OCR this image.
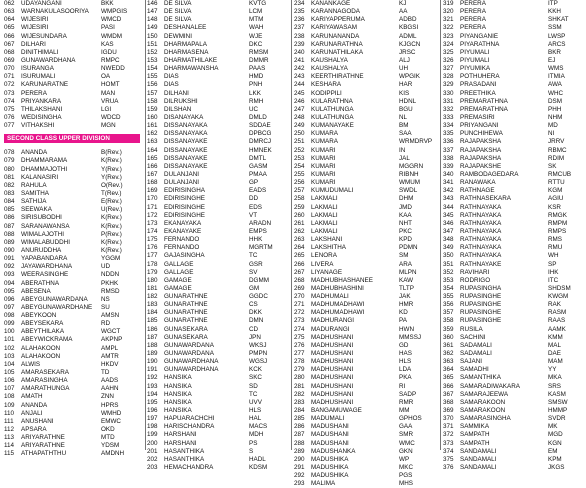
062	UDAYANGANI	BKK
063	WARNAKULASOORIYA	WMPGIS
064	WIJESIRI	WMCD
065	WIJESIRI	PASI
066	WIJESUNDARA	WMDM
067	DILHARI	KAS
068	DINITHIMALI	IGDU
069	GUNAWARDHANA	RMPC
070	ISURANGA	NWEDD
071	ISURUMALI	OA
072	KARUNARATNE	HOMT
073	PERERA	MAN
074	PRIYANKARA	VRUA
075	THILAKSHANI	LGI
076	WEDISINGHA	WDCD
077	VITHAKSHI	MGN
SECOND CLASS UPPER DIVISION
078	ANANDA	B(Rev.)
079	DHAMMARAMA	K(Rev.)
080	DHAMMAJOTHI	Y(Rev.)
081	KALANASIRI	Y(Rev.)
082	RAHULA	O(Rev.)
083	SAMITHA	T(Rev.)
084	SATHIJA	E(Rev.)
085	SEEWAKA	U(Rev.)
086	SIRISUBODHI	K(Rev.)
087	SARANAWANSA	K(Rev.)
088	WIMALAJOTHI	P(Rev.)
089	WIMALABUDDHI	K(Rev.)
090	ANURUDDHA	K(Rev.)
091	YAPABANDARA	YGGM
092	JAYAWARDHANA	UD
093	WEERASINGHE	NDDN
094	ABERATHNA	PKHK
095	ABESENA	RMSD
096	ABEYGUNAWARDANA	NS
097	ABEYGUNAWARDHANE	SU
098	ABEYKOON	AMSN
099	ABEYSEKARA	RD
100	ABEYTHILAKA	WGCT
101	ABEYWICKRAMA	AKPNP
102	ALAHAKOON	AMPL
103	ALAHAKOON	AMTR
104	ALWIS	HKDV
105	AMARASEKARA	TD
106	AMARASINGHA	AADS
107	AMARATHUNGA	AAHN
108	AMATH	ZNN
109	ANANDA	HPRS
110	ANJALI	WMHD
111	ANUSHANI	EMWC
112	APSARA	OKD
113	ARIYARATHNE	MTD
114	ARIYARATHNE	YDSM
115	ATHAPATHTHU	AMDNH
146	DE SILVA	KVTG
147	DE SILVA	LCM
148	DE SILVA	MTM
149	DESHANALEE	WAH
150	DEWMINI	WJE
151	DHARMAPALA	DKC
152	DHARMASENA	RMSM
153	DHARMATHILAKE	DMMR
154	DHARMAWANSHA	PAAS
155	DIAS	HMD
156	DIAS	PNH
157	DILHANI	LKK
158	DILRUKSHI	RMH
159	DILSHAN	UC
160	DISANAYAKA	DMLD
161	DISSANAYAKA	SDDAE
162	DISSANAYAKA	DPBCG
163	DISSANAYAKE	DMRCJ
164	DISSANAYAKE	HMNEK
165	DISSANAYAKE	DMTL
166	DISSANAYAKE	GASM
167	DULANJANI	PMAA
168	DULANJANI	GP
169	EDIRISINGHA	EADS
170	EDIRISINGHE	DD
171	EDIRISINGHE	EDS
172	EDIRISINGHE	VT
173	EKANAYAKA	ARADN
174	EKANAYAKE	EMPS
175	FERNANDO	HHK
176	FERNANDO	MGRTM
177	GAJASINGHA	TC
178	GALLAGE	GSR
179	GALLAGE	SV
180	GAMAGE	DGMM
181	GAMAGE	GM
182	GUNARATHNE	GGDC
183	GUNARATHNE	CS
184	GUNARATHNE	DKK
185	GUNARATHNE	DMN
186	GUNASEKARA	CD
187	GUNASEKARA	JPN
188	GUNAWARDANA	WKSJ
189	GUNAWARDANA	PMPN
190	GUNAWARDHANA	WGSJ
191	GUNAWARDHANA	KCK
192	HANSIKA	SKC
193	HANSIKA	SD
194	HANSIKA	TC
195	HANSIKA	UVV
196	HANSIKA	HLS
197	HAPUARACHCHI	HAL
198	HARISCHANDRA	MACS
199	HARSHANI	MDH
200	HARSHANI	PS
201	HASANTHIKA	S
202	HASANTHIKA	HADL
203	HEMACHANDRA	KDSM
234	KANANKAGE	KJ
235	KARANNAGODA	AA
236	KARIYAPPERUMA	ADBD
237	KARIYAWASAM	KBGSI
238	KARUNANANDA	ADML
239	KARUNARATHNA	KJGCN
240	KARUNATHILAKA	JRSC
241	KAUSHALYA	ALJ
242	KAUSHALYA	UH
243	KEERTHIRATHNE	WPGIK
244	KESHARA	HAR
245	KODIPPILI	KIS
246	KULARATHNA	HDNL
247	KULATHUNGA	BGU
248	KULATHUNGA	NL
249	KUMANAYAKE	BM
250	KUMARA	SAA
251	KUMARA	WRMDRVP
252	KUMARI	IN
253	KUMARI	JAL
254	KUMARI	MGGRN
255	KUMARI	RIBNH
256	KUMARI	WMUM
257	KUMUDUMALI	SWDL
258	LAKMALI	DHM
259	LAKMALI	JMD
260	LAKMALI	KAA
261	LAKMALI	NHT
262	LAKMALI	PKC
263	LAKSHANI	KPD
264	LAKSHITHA	PDMN
265	LENORA	SM
266	LIVERA	ARA
267	LIYANAGE	MLPN
268	MADHUBHASHANEE	KAW
269	MADHUBHASHINI	TLTP
270	MADHUMALI	JAK
271	MADHUMADHAWI	HMR
272	MADHUMADHAWI	KD
273	MADHURANGI	PA
274	MADURANGI	HWN
275	MADHUSHANI	MMSSJ
276	MADHUSHANI	GD
277	MADHUSHANI	HAS
278	MADHUSHANI	HLS
279	MADHUSHANI	LDA
280	MADHUSHANI	PKA
281	MADHUSHANI	RI
282	MADHUSHANI	SADP
283	MADHUSHANI	RMR
284	BANGAMUWAGE	MM
285	MADUMALI	GPHOS
286	MADUSHANI	GAA
287	MADUSHANI	SMR
288	MADUSHANI	WMC
289	MADUSHANKA	GKN
290	MADUSHIKA	WP
291	MADUSHIKA	MKC
292	MADUSHIKA	PGS
293	MALIMA	MHS
319	PERERA	ITP
320	PERERA	KKH
321	PERERA	SHKAT
322	PERERA	SSM
323	PIYANGANIE	LWSP
324	PIYARATHNA	ARCS
325	PIYUMALI	BKR
326	PIYUMALI	EJ
327	PIYUMIKA	WMS
328	POTHUHERA	ITMIA
329	PRASADANI	AWA
330	PREETHIKA	WHC
331	PREMARATHNA	DSM
332	PREMARATHNA	PHH
333	PREMASIRI	NHM
334	PRIYANGANI	MD
335	PUNCHIHEWA	NI
336	RAJAPAKSHA	JRRV
337	RAJAPAKSHA	RBMC
338	RAJAPAKSHA	RDIM
339	RAJAPAKSHE	SK
340	RAMBODAGEDARA	RMCUB
341	RANAWAKA	RTTU
342	RATHNAGE	KGM
343	RATHNASEKARA	AGIU
344	RATHNAYAKA	KSR
345	RATHNAYAKA	RMGK
346	RATHNAYAKA	RMPM
347	RATHNAYAKA	RMPS
348	RATHNAYAKA	RMS
349	RATHNAYAKA	RMU
350	RATHNAYAKA	WH
351	RATHNAYAKE	SP
352	RAVIHARI	IHK
353	RODRIGO	ITC
354	RUPASINGHA	SHDSM
355	RUPASINGHE	KWGM
356	RUPASINGHE	RAK
357	RUPASINGHE	RASM
358	RUPASINGHE	RAAS
359	RUSILA	AAMK
360	SACHINI	KMM
361	SADAMALI	MAL
362	SADAMALI	DAE
363	SAJANI	MAM
364	SAMADHI	YY
365	SAMANTHIKA	MKA
366	SAMARADIWAKARA	SRS
367	SAMARAJEEWA	KASM
368	SAMARAKOON	SMSW
369	SAMARAKOON	HMMP
370	SAMARASINGHA	SVDR
371	SAMMIKA	MK
372	SAMPATH	MGD
373	SAMPATH	KGN
374	SANDAMALI	EM
375	SANDAMALI	KPM
376	SANDAMALI	JKGS
